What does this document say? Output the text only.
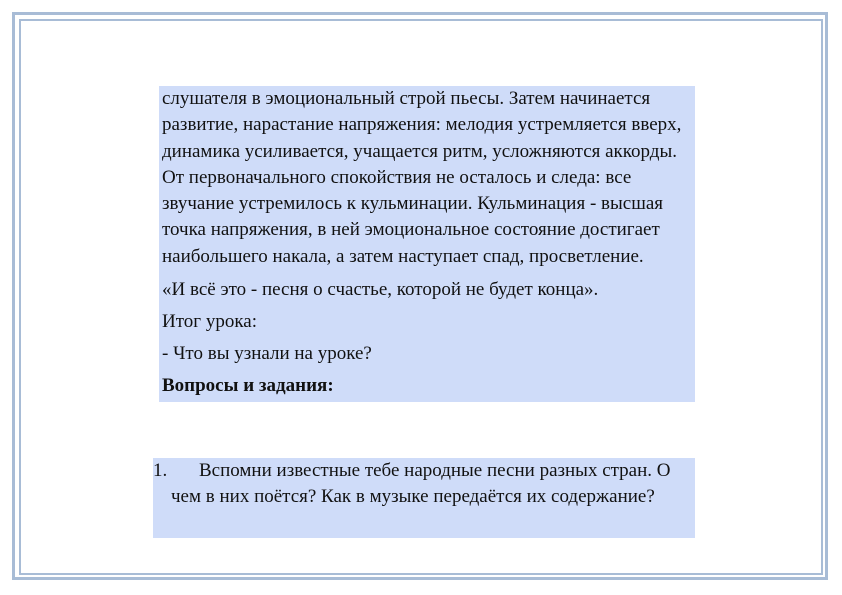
слушателя в эмоциональный строй пьесы. Затем начинается развитие, нарастание напряжения: мелодия устремляется вверх, динамика усиливается, учащается ритм, усложняются аккорды. От первоначального спокойствия не осталось и следа: все звучание устремилось к кульминации. Кульминация - высшая точка напряжения, в ней эмоциональное состояние достигает наибольшего накала, а затем наступает спад, просветление.
«И всё это - песня о счастье, которой не будет конца».
Итог урока:
- Что вы узнали на уроке?
Вопросы и задания:
1.	Вспомни известные тебе народные песни разных стран. О чем в них поётся? Как в музыке передаётся их содержание?
